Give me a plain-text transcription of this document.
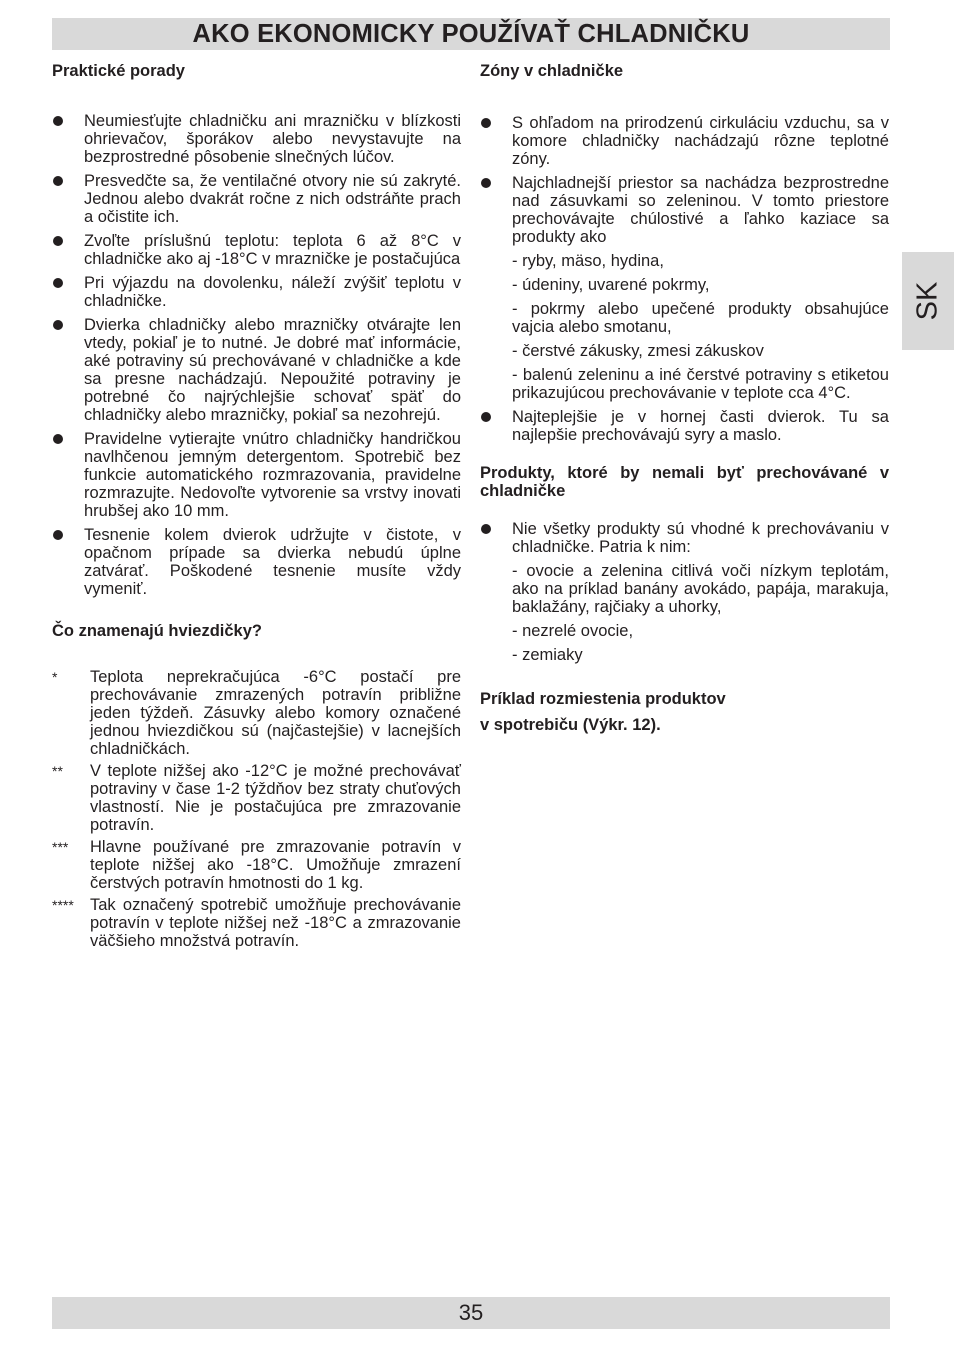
AKO EKONOMICKY POUŽÍVAŤ CHLADNIČKU
SK

Praktické porady

Neumiesťujte chladničku ani mrazničku v blízkosti ohrievačov, šporákov alebo nevystavujte na bezprostredné pôsobenie slnečných lúčov.
Presvedčte sa, že ventilačné otvory nie sú zakryté. Jednou alebo dvakrát ročne z nich odstráňte prach a očistite ich.
Zvoľte príslušnú teplotu: teplota 6 až 8°C v chladničke ako aj -18°C v mrazničke je postačujúca
Pri výjazdu na dovolenku, náleží zvýšiť teplotu v chladničke.
Dvierka chladničky alebo mrazničky otvárajte len vtedy, pokiaľ je to nutné. Je dobré mať informácie, aké potraviny sú prechovávané v chladničke a kde sa presne nachádzajú. Nepoužité potraviny je potrebné čo najrýchlejšie schovať späť do chladničky alebo mrazničky, pokiaľ sa nezohrejú.
Pravidelne vytierajte vnútro chladničky handričkou navlhčenou jemným detergentom. Spotrebič bez funkcie automatického rozmrazovania, pravidelne rozmrazujte. Nedovoľte vytvorenie sa vrstvy inovati hrubšej ako 10 mm.
Tesnenie kolem dvierok udržujte v čistote, v opačnom prípade sa dvierka nebudú úplne zatvárať. Poškodené tesnenie musíte vždy vymeniť.

Čo znamenajú hviezdičky?

* Teplota neprekračujúca -6°C postačí pre prechovávanie zmrazených potravín približne jeden týždeň. Zásuvky alebo komory označené jednou hviezdičkou sú (najčastejšie) v lacnejších chladničkách.
** V teplote nižšej ako -12°C je možné prechovávať potraviny v čase 1-2 týždňov bez straty chuťových vlastností. Nie je postačujúca pre zmrazovanie potravín.
*** Hlavne používané pre zmrazovanie potravín v teplote nižšej ako -18°C. Umožňuje zmrazení čerstvých potravín hmotnosti do 1 kg.
**** Tak označený spotrebič umožňuje prechovávanie potravín v teplote nižšej než -18°C a zmrazovanie väčšieho množstvá potravín.

Zóny v chladničke

S ohľadom na prirodzenú cirkuláciu vzduchu, sa v komore chladničky nachádzajú rôzne teplotné zóny.
Najchladnejší priestor sa nachádza bezprostredne nad zásuvkami so zeleninou. V tomto priestore prechovávajte chúlostivé a ľahko kaziace sa produkty ako

- ryby, mäso, hydina,

- údeniny, uvarené pokrmy,

- pokrmy alebo upečené produkty obsahujúce vajcia alebo smotanu,

- čerstvé zákusky, zmesi zákuskov

- balenú zeleninu a iné čerstvé potraviny s etiketou prikazujúcou prechovávanie v teplote cca 4°C.

Najteplejšie je v hornej časti dvierok. Tu sa najlepšie prechovávajú syry a maslo.

Produkty, ktoré by nemali byť prechovávané v chladničke

Nie všetky produkty sú vhodné k prechovávaniu v chladničke. Patria k nim:

- ovocie a zelenina citlivá voči nízkym teplotám, ako na príklad banány avokádo, papája, marakuja, baklažány, rajčiaky a uhorky,

- nezrelé ovocie,

- zemiaky

Príklad rozmiestenia produktov

v spotrebiču (Výkr. 12).

35
